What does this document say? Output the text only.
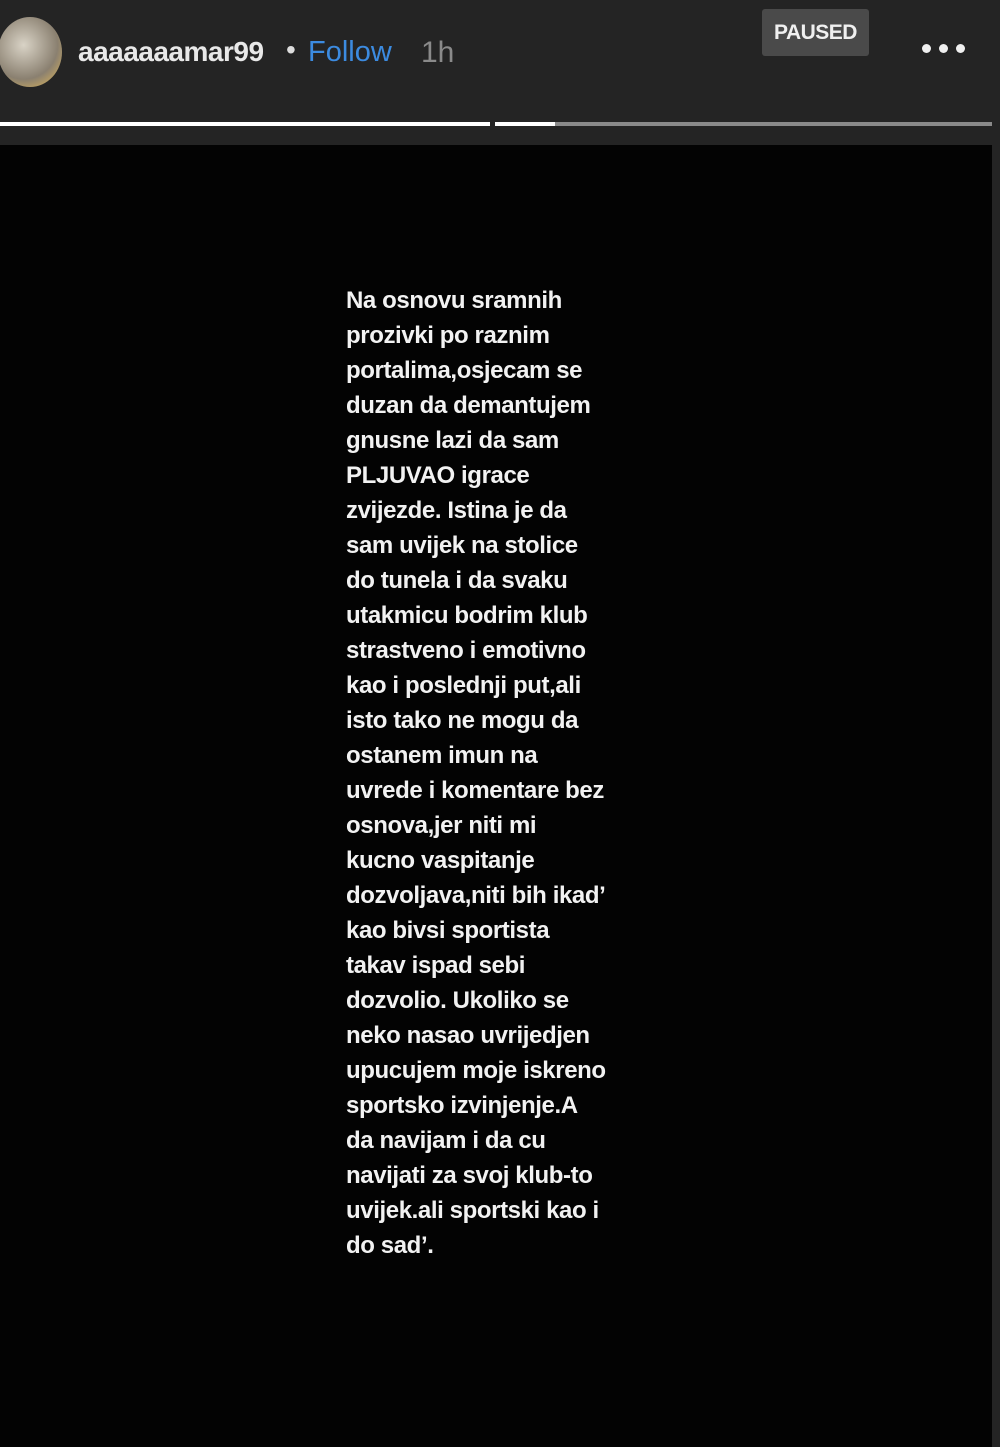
aaaaaaamar99 • Follow 1h
PAUSED
Na osnovu sramnih
prozivki po raznim
portalima,osjecam se
duzan da demantujem
gnusne lazi da sam
PLJUVAO igrace
zvijezde. Istina je da
sam uvijek na stolice
do tunela i da svaku
utakmicu bodrim klub
strastveno i emotivno
kao i poslednji put,ali
isto tako ne mogu da
ostanem imun na
uvrede i komentare bez
osnova,jer niti mi
kucno vaspitanje
dozvoljava,niti bih ikad’
kao bivsi sportista
takav ispad sebi
dozvolio. Ukoliko se
neko nasao uvrijedjen
upucujem moje iskreno
sportsko izvinjenje.A
da navijam i da cu
navijati za svoj klub-to
uvijek.ali sportski kao i
do sad’.
